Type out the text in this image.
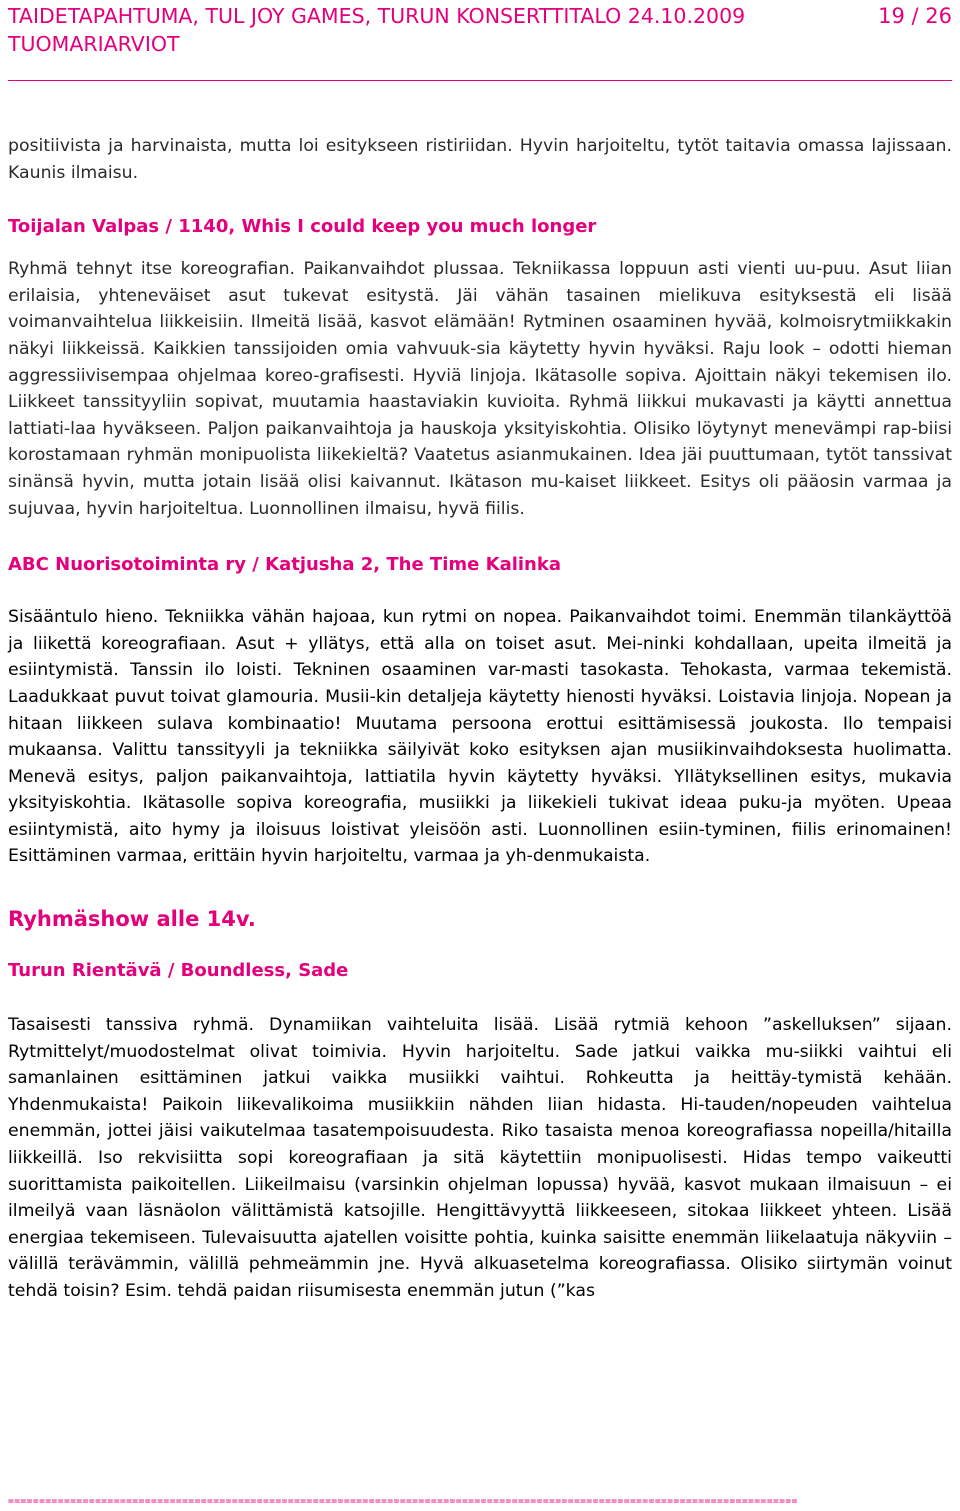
TAIDETAPAHTUMA, TUL JOY GAMES, TURUN KONSERTTITALO 24.10.2009
TUOMARIARVIOT
19 / 26

positiivista ja harvinaista, mutta loi esitykseen ristiriidan. Hyvin harjoiteltu, tytöt taitavia omassa lajissaan. Kaunis ilmaisu.

Toijalan Valpas / 1140, Whis I could keep you much longer

Ryhmä tehnyt itse koreografian. Paikanvaihdot plussaa. Tekniikassa loppuun asti vienti uu-puu. Asut liian erilaisia, yhteneväiset asut tukevat esitystä. Jäi vähän tasainen mielikuva esityksestä eli lisää voimanvaihtelua liikkeisiin. Ilmeitä lisää, kasvot elämään! Rytminen osaaminen hyvää, kolmoisrytmiikkakin näkyi liikkeissä. Kaikkien tanssijoiden omia vahvuuk-sia käytetty hyvin hyväksi. Raju look – odotti hieman aggressiivisempaa ohjelmaa koreo-grafisesti. Hyviä linjoja. Ikätasolle sopiva. Ajoittain näkyi tekemisen ilo. Liikkeet tanssityyliin sopivat, muutamia haastaviakin kuvioita. Ryhmä liikkui mukavasti ja käytti annettua lattiati-laa hyväkseen. Paljon paikanvaihtoja ja hauskoja yksityiskohtia. Olisiko löytynyt menevämpi rap-biisi korostamaan ryhmän monipuolista liikekieltä? Vaatetus asianmukainen. Idea jäi puuttumaan, tytöt tanssivat sinänsä hyvin, mutta jotain lisää olisi kaivannut. Ikätason mu-kaiset liikkeet. Esitys oli pääosin varmaa ja sujuvaa, hyvin harjoiteltua. Luonnollinen ilmaisu, hyvä fiilis.

ABC Nuorisotoiminta ry / Katjusha 2, The Time Kalinka

Sisääntulo hieno. Tekniikka vähän hajoaa, kun rytmi on nopea. Paikanvaihdot toimi. Enemmän tilankäyttöä ja liikettä koreografiaan. Asut + yllätys, että alla on toiset asut. Mei-ninki kohdallaan, upeita ilmeitä ja esiintymistä. Tanssin ilo loisti. Tekninen osaaminen var-masti tasokasta. Tehokasta, varmaa tekemistä. Laadukkaat puvut toivat glamouria. Musii-kin detaljeja käytetty hienosti hyväksi. Loistavia linjoja. Nopean ja hitaan liikkeen sulava kombinaatio! Muutama persoona erottui esittämisessä joukosta. Ilo tempaisi mukaansa. Valittu tanssityyli ja tekniikka säilyivät koko esityksen ajan musiikinvaihdoksesta huolimatta. Menevä esitys, paljon paikanvaihtoja, lattiatila hyvin käytetty hyväksi. Yllätyksellinen esitys, mukavia yksityiskohtia. Ikätasolle sopiva koreografia, musiikki ja liikekieli tukivat ideaa puku-ja myöten. Upeaa esiintymistä, aito hymy ja iloisuus loistivat yleisöön asti. Luonnollinen esiin-tyminen, fiilis erinomainen! Esittäminen varmaa, erittäin hyvin harjoiteltu, varmaa ja yh-denmukaista.

Ryhmäshow alle 14v.

Turun Rientävä / Boundless, Sade

Tasaisesti tanssiva ryhmä. Dynamiikan vaihteluita lisää. Lisää rytmiä kehoon ”askelluksen” sijaan. Rytmittelyt/muodostelmat olivat toimivia. Hyvin harjoiteltu. Sade jatkui vaikka mu-siikki vaihtui eli samanlainen esittäminen jatkui vaikka musiikki vaihtui. Rohkeutta ja heittäy-tymistä kehään. Yhdenmukaista! Paikoin liikevalikoima musiikkiin nähden liian hidasta. Hi-tauden/nopeuden vaihtelua enemmän, jottei jäisi vaikutelmaa tasatempoisuudesta. Riko tasaista menoa koreografiassa nopeilla/hitailla liikkeillä. Iso rekvisiitta sopi koreografiaan ja sitä käytettiin monipuolisesti. Hidas tempo vaikeutti suorittamista paikoitellen. Liikeilmaisu (varsinkin ohjelman lopussa) hyvää, kasvot mukaan ilmaisuun – ei ilmeilyä vaan läsnäolon välittämistä katsojille. Hengittävyyttä liikkeeseen, sitokaa liikkeet yhteen. Lisää energiaa tekemiseen. Tulevaisuutta ajatellen voisitte pohtia, kuinka saisitte enemmän liikelaatuja näkyviin – välillä terävämmin, välillä pehmeämmin jne. Hyvä alkuasetelma koreografiassa. Olisiko siirtymän voinut tehdä toisin? Esim. tehdä paidan riisumisesta enemmän jutun (”kas

===============================================================================================================================
